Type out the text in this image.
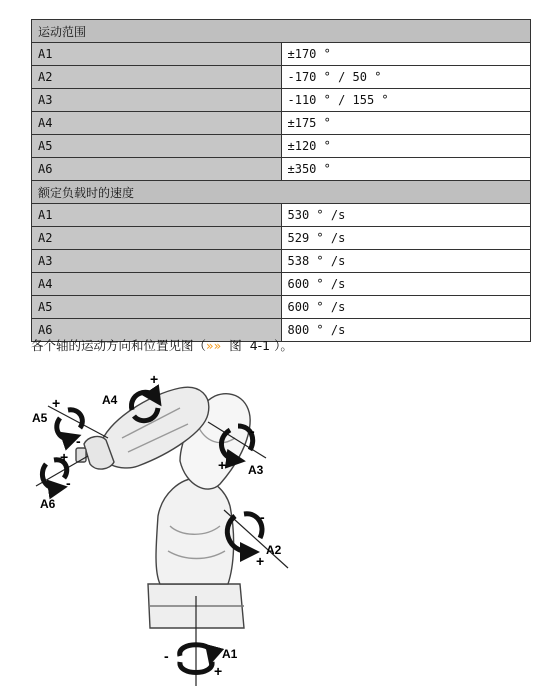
运动范围	
A1	±170 °
A2	-170 ° / 50 °
A3	-110 ° / 155 °
A4	±175 °
A5	±120 °
A6	±350 °
额定负载时的速度	
A1	530 ° /s
A2	529 ° /s
A3	538 ° /s
A4	600 ° /s
A5	600 ° /s
A6	800 ° /s
各个轴的运动方向和位置见图（»»  图  4-1 ）。
-
+
A1
-
+
A2
-
+ A3
+
A4
+
-
A5
+
-
A6
